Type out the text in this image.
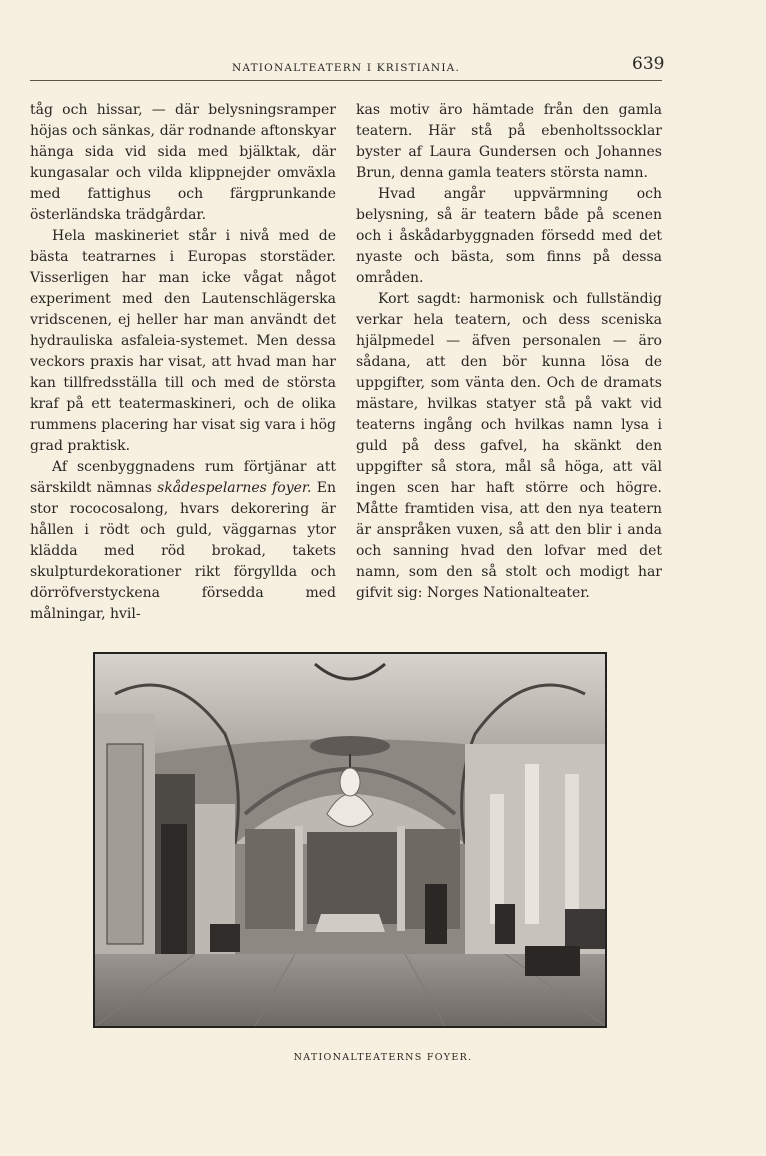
NATIONALTEATERN I KRISTIANIA.	639

tåg och hissar, — där belysningsramper höjas och sänkas, där rodnande aftonskyar hänga sida vid sida med bjälktak, där kungasalar och vilda klippnejder omväxla med fattighus och färgprunkande österländska trädgårdar.

Hela maskineriet står i nivå med de bästa teatrarnes i Europas storstäder. Visserligen har man icke vågat något experiment med den Lautenschlägerska vridscenen, ej heller har man användt det hydrauliska asfaleia-systemet. Men dessa veckors praxis har visat, att hvad man har kan tillfredsställa till och med de största kraf på ett teatermaskineri, och de olika rummens placering har visat sig vara i hög grad praktisk.

Af scenbyggnadens rum förtjänar att särskildt nämnas skådespelarnes foyer. En stor rococosalong, hvars dekorering är hållen i rödt och guld, väggarnas ytor klädda med röd brokad, takets skulpturdekorationer rikt förgyllda och dörröfverstyckena försedda med målningar, hvil-

kas motiv äro hämtade från den gamla teatern. Här stå på ebenholtssocklar byster af Laura Gundersen och Johannes Brun, denna gamla teaters största namn.

Hvad angår uppvärmning och belysning, så är teatern både på scenen och i åskådarbyggnaden försedd med det nyaste och bästa, som finns på dessa områden.

Kort sagdt: harmonisk och fullständig verkar hela teatern, och dess sceniska hjälpmedel — äfven personalen — äro sådana, att den bör kunna lösa de uppgifter, som vänta den. Och de dramats mästare, hvilkas statyer stå på vakt vid teaterns ingång och hvilkas namn lysa i guld på dess gafvel, ha skänkt den uppgifter så stora, mål så höga, att väl ingen scen har haft större och högre. Måtte framtiden visa, att den nya teatern är anspråken vuxen, så att den blir i anda och sanning hvad den lofvar med det namn, som den så stolt och modigt har gifvit sig: Norges Nationalteater.

NATIONALTEATERNS FOYER.
